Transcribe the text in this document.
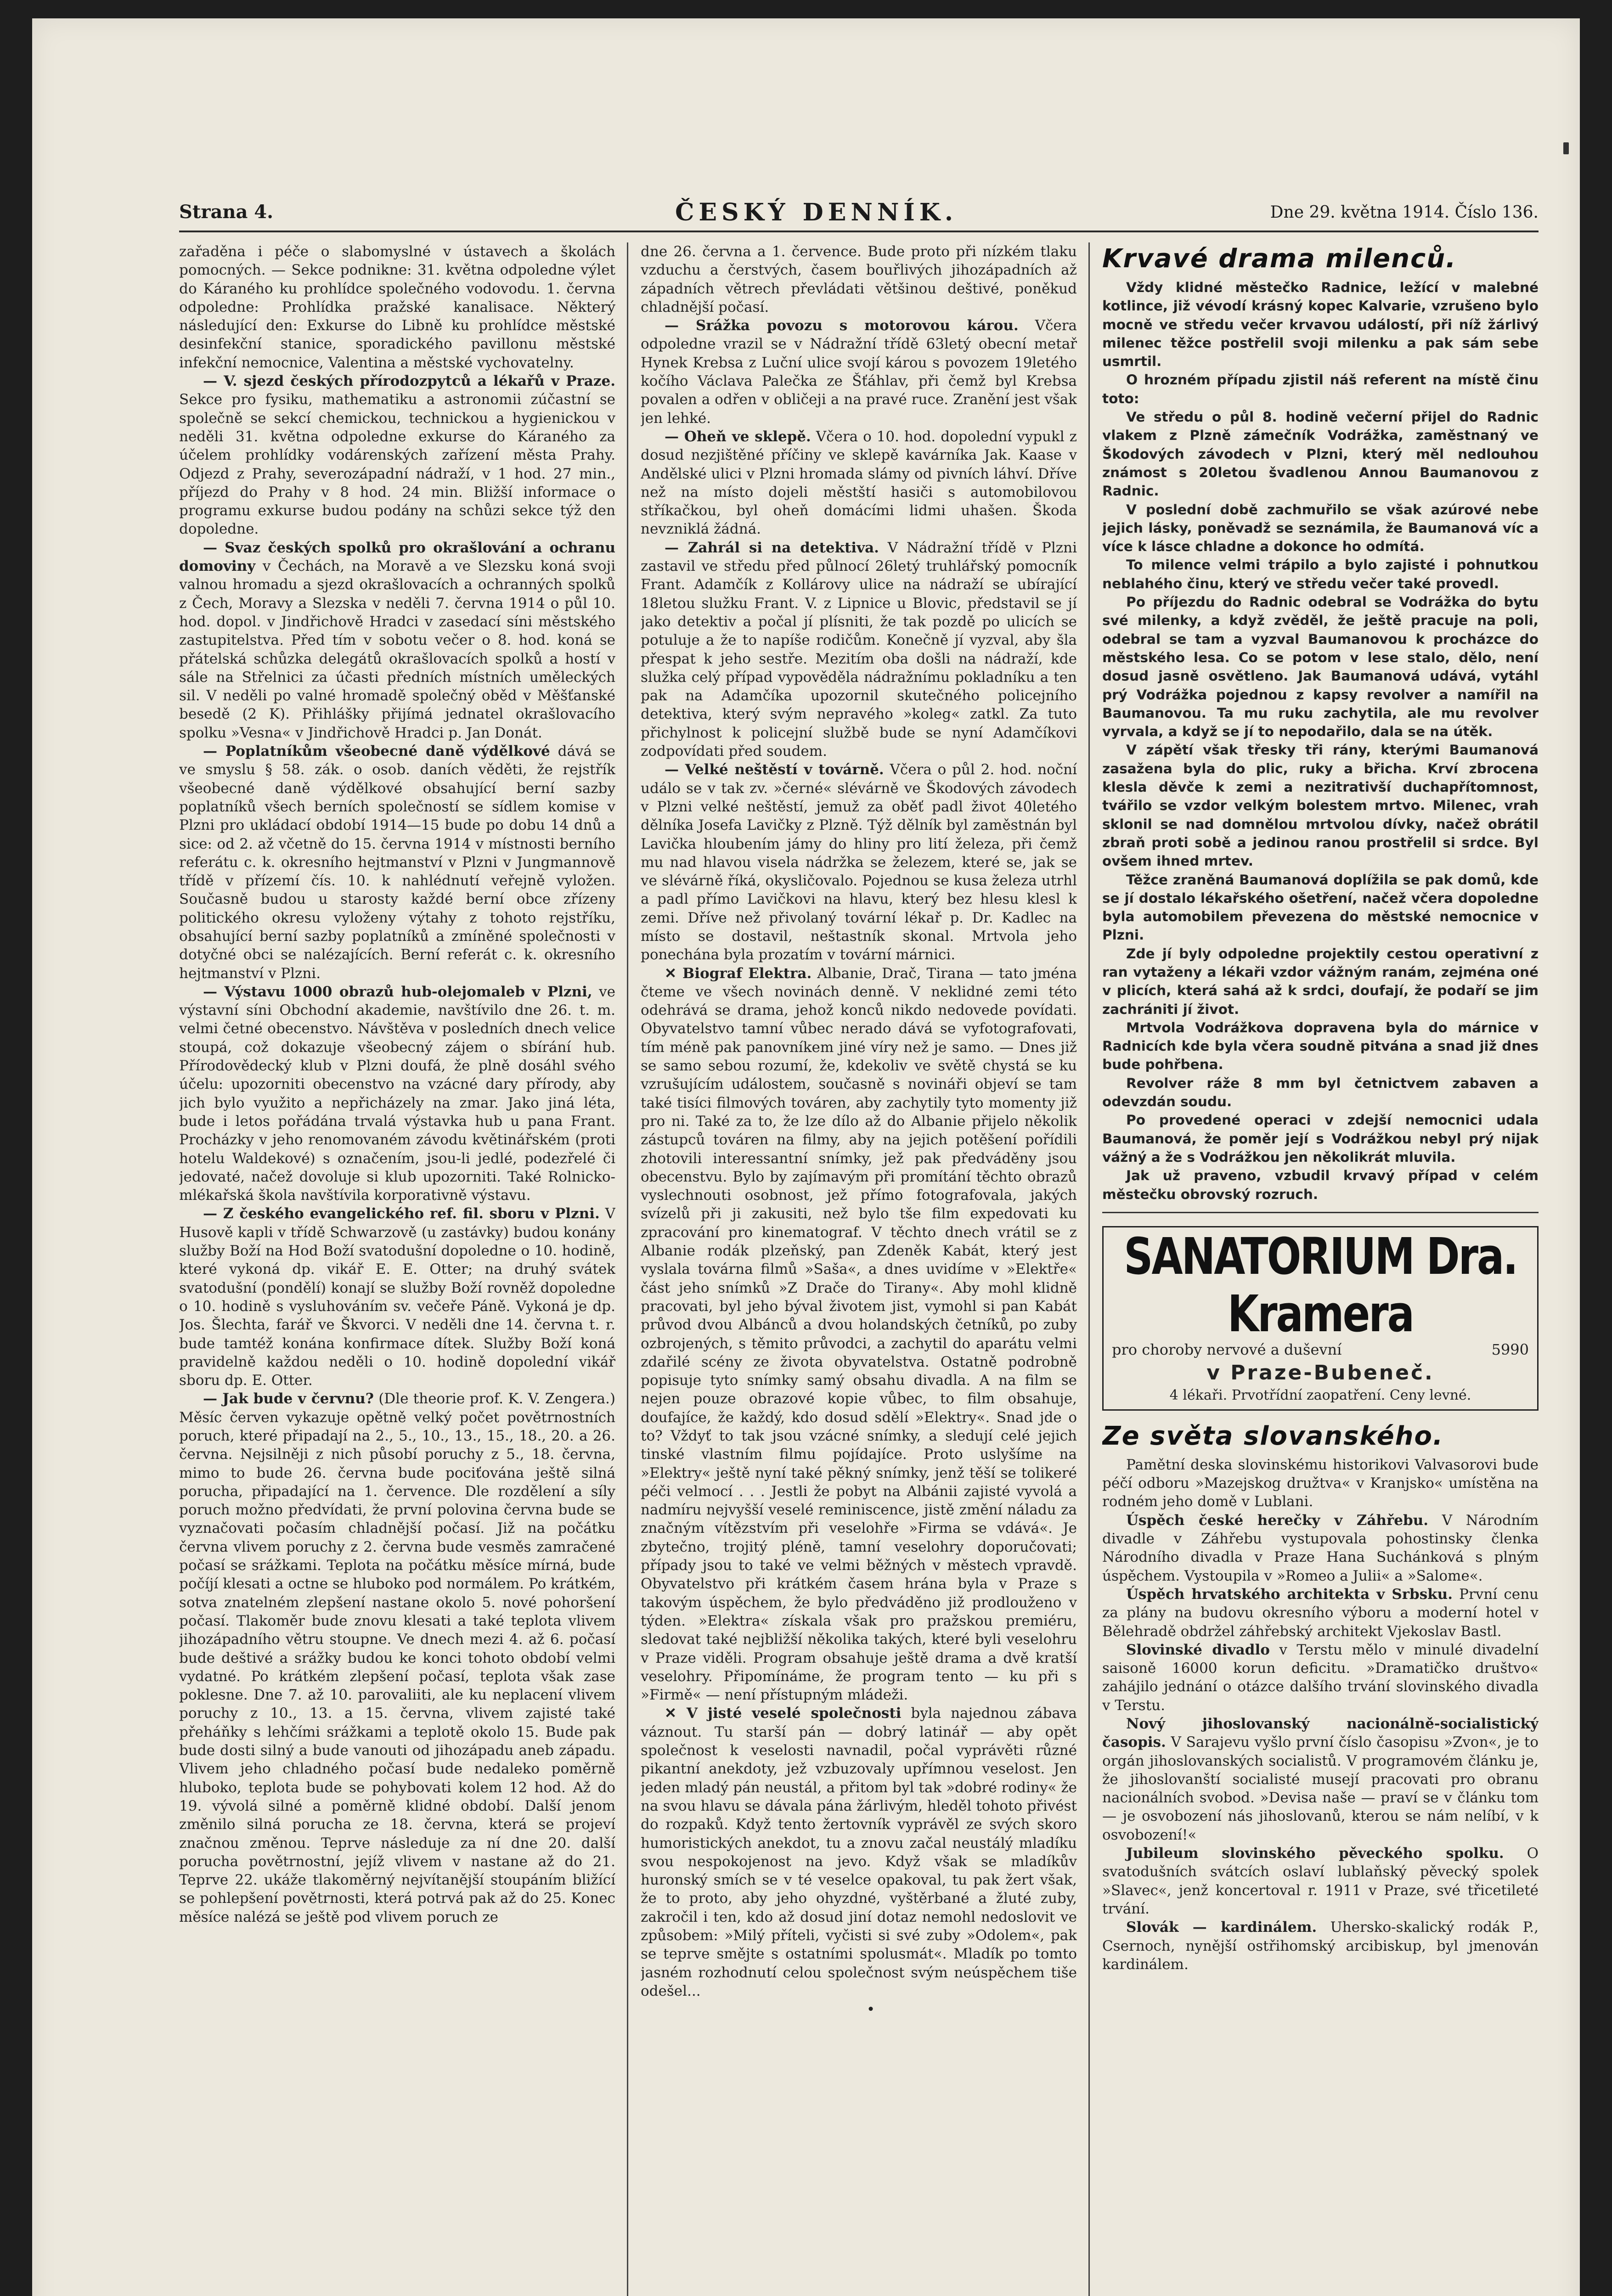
Strana 4.	ČESKÝ DENNÍK.	Dne 29. května 1914. Číslo 136.

zařaděna i péče o slabomyslné v ústavech a školách pomocných. — Sekce podnikne: 31. května odpoledne výlet do Káraného ku prohlídce společného vodovodu. 1. června odpoledne: Prohlídka pražské kanalisace. Některý následující den: Exkurse do Libně ku prohlídce městské desinfekční stanice, sporadického pavillonu městské infekční nemocnice, Valentina a městské vychovatelny.

— V. sjezd českých přírodozpytců a lékařů v Praze. Sekce pro fysiku, mathematiku a astronomii zúčastní se společně se sekcí chemickou, technickou a hygienickou v neděli 31. května odpoledne exkurse do Káraného za účelem prohlídky vodárenských zařízení města Prahy. Odjezd z Prahy, severozápadní nádraží, v 1 hod. 27 min., příjezd do Prahy v 8 hod. 24 min. Bližší informace o programu exkurse budou podány na schůzi sekce týž den dopoledne.

— Svaz českých spolků pro okrašlování a ochranu domoviny v Čechách, na Moravě a ve Slezsku koná svoji valnou hromadu a sjezd okrašlovacích a ochranných spolků z Čech, Moravy a Slezska v neděli 7. června 1914 o půl 10. hod. dopol. v Jindřichově Hradci v zasedací síni městského zastupitelstva. Před tím v sobotu večer o 8. hod. koná se přátelská schůzka delegátů okrašlovacích spolků a hostí v sále na Střelnici za účasti předních místních uměleckých sil. V neděli po valné hromadě společný oběd v Měšťanské besedě (2 K). Přihlášky přijímá jednatel okrašlovacího spolku »Vesna« v Jindřichově Hradci p. Jan Donát.

— Poplatníkům všeobecné daně výdělkové dává se ve smyslu § 58. zák. o osob. daních věděti, že rejstřík všeobecné daně výdělkové obsahující berní sazby poplatníků všech berních společností se sídlem komise v Plzni pro ukládací období 1914—15 bude po dobu 14 dnů a sice: od 2. až včetně do 15. června 1914 v místnosti berního referátu c. k. okresního hejtmanství v Plzni v Jungmannově třídě v přízemí čís. 10. k nahlédnutí veřejně vyložen. Současně budou u starosty každé berní obce zřízeny politického okresu vyloženy výtahy z tohoto rejstříku, obsahující berní sazby poplatníků a zmíněné společnosti v dotyčné obci se nalézajících. Berní referát c. k. okresního hejtmanství v Plzni.

— Výstavu 1000 obrazů hub-olejomaleb v Plzni, ve výstavní síni Obchodní akademie, navštívilo dne 26. t. m. velmi četné obecenstvo. Návštěva v posledních dnech velice stoupá, což dokazuje všeobecný zájem o sbírání hub. Přírodovědecký klub v Plzni doufá, že plně dosáhl svého účelu: upozorniti obecenstvo na vzácné dary přírody, aby jich bylo využito a nepřicházely na zmar. Jako jiná léta, bude i letos pořádána trvalá výstavka hub u pana Frant. Procházky v jeho renomovaném závodu květinářském (proti hotelu Waldekové) s označením, jsou-li jedlé, podezřelé či jedovaté, načež dovoluje si klub upozorniti. Také Rolnicko-mlékařská škola navštívila korporativně výstavu.

— Z českého evangelického ref. fil. sboru v Plzni. V Husově kapli v třídě Schwarzově (u zastávky) budou konány služby Boží na Hod Boží svatodušní dopoledne o 10. hodině, které vykoná dp. vikář E. E. Otter; na druhý svátek svatodušní (pondělí) konají se služby Boží rovněž dopoledne o 10. hodině s vysluhováním sv. večeře Páně. Vykoná je dp. Jos. Šlechta, farář ve Škvorci. V neděli dne 14. června t. r. bude tamtéž konána konfirmace dítek. Služby Boží koná pravidelně každou neděli o 10. hodině dopolední vikář sboru dp. E. Otter.

— Jak bude v červnu? (Dle theorie prof. K. V. Zengera.) Měsíc červen vykazuje opětně velký počet povětrnostních poruch, které připadají na 2., 5., 10., 13., 15., 18., 20. a 26. června. Nejsilněji z nich působí poruchy z 5., 18. června, mimo to bude 26. června bude pociťována ještě silná porucha, připadající na 1. července. Dle rozdělení a síly poruch možno předvídati, že první polovina června bude se vyznačovati počasím chladnější počasí. Již na počátku června vlivem poruchy z 2. června bude vesměs zamračené počasí se srážkami. Teplota na počátku měsíce mírná, bude počíjí klesati a octne se hluboko pod normálem. Po krátkém, sotva znatelném zlepšení nastane okolo 5. nové pohoršení počasí. Tlakoměr bude znovu klesati a také teplota vlivem jihozápadního větru stoupne. Ve dnech mezi 4. až 6. počasí bude deštivé a srážky budou ke konci tohoto období velmi vydatné. Po krátkém zlepšení počasí, teplota však zase poklesne. Dne 7. až 10. parovaliiti, ale ku neplacení vlivem poruchy z 10., 13. a 15. června, vlivem zajisté také přeháňky s lehčími srážkami a teplotě okolo 15. Bude pak bude dosti silný a bude vanouti od jihozápadu aneb západu. Vlivem jeho chladného počasí bude nedaleko poměrně hluboko, teplota bude se pohybovati kolem 12 hod. Až do 19. vývolá silné a poměrně klidné období. Další jenom změnilo silná porucha ze 18. června, která se projeví značnou změnou. Teprve následuje za ní dne 20. další porucha povětrnostní, jejíž vlivem v nastane až do 21. Teprve 22. ukáže tlakoměrný nejvítanější stoupáním bližící se pohlepšení povětrnosti, která potrvá pak až do 25. Konec měsíce nalézá se ještě pod vlivem poruch ze

dne 26. června a 1. července. Bude proto při nízkém tlaku vzduchu a čerstvých, časem bouřlivých jihozápadních až západních větrech převládati většinou deštivé, poněkud chladnější počasí.

— Srážka povozu s motorovou károu. Včera odpoledne vrazil se v Nádražní třídě 63letý obecní metař Hynek Krebsa z Luční ulice svojí károu s povozem 19letého kočího Václava Palečka ze Šťáhlav, při čemž byl Krebsa povalen a odřen v obličeji a na pravé ruce. Zranění jest však jen lehké.

— Oheň ve sklepě. Včera o 10. hod. dopolední vypukl z dosud nezjištěné příčiny ve sklepě kavárníka Jak. Kaase v Andělské ulici v Plzni hromada slámy od pivních láhví. Dříve než na místo dojeli městští hasiči s automobilovou stříkačkou, byl oheň domácími lidmi uhašen. Škoda nevzniklá žádná.

— Zahrál si na detektiva. V Nádražní třídě v Plzni zastavil ve středu před půlnocí 26letý truhlářský pomocník Frant. Adamčík z Kollárovy ulice na nádraží se ubírající 18letou služku Frant. V. z Lipnice u Blovic, představil se jí jako detektiv a počal jí plísniti, že tak pozdě po ulicích se potuluje a že to napíše rodičům. Konečně jí vyzval, aby šla přespat k jeho sestře. Mezitím oba došli na nádraží, kde služka celý případ vypověděla nádražnímu pokladníku a ten pak na Adamčíka upozornil skutečného policejního detektiva, který svým nepravého »koleg« zatkl. Za tuto přichylnost k policejní službě bude se nyní Adamčíkovi zodpovídati před soudem.

— Velké neštěstí v továrně. Včera o půl 2. hod. noční událo se v tak zv. »černé« slévárně ve Škodových závodech v Plzni velké neštěstí, jemuž za oběť padl život 40letého dělníka Josefa Lavičky z Plzně. Týž dělník byl zaměstnán byl Lavička hloubením jámy do hliny pro lití železa, při čemž mu nad hlavou visela nádržka se železem, které se, jak se ve slévárně říká, okysličovalo. Pojednou se kusa železa utrhl a padl přímo Lavičkovi na hlavu, který bez hlesu klesl k zemi. Dříve než přivolaný tovární lékař p. Dr. Kadlec na místo se dostavil, neštastník skonal. Mrtvola jeho ponechána byla prozatím v tovární márnici.

✕ Biograf Elektra. Albanie, Drač, Tirana — tato jména čteme ve všech novinách denně. V neklidné zemi této odehrává se drama, jehož konců nikdo nedovede povídati. Obyvatelstvo tamní vůbec nerado dává se vyfotografovati, tím méně pak panovníkem jiné víry než je samo. — Dnes již se samo sebou rozumí, že, kdekoliv ve světě chystá se ku vzrušujícím událostem, současně s novináři objeví se tam také tisíci filmových továren, aby zachytily tyto momenty již pro ni. Také za to, že lze dílo až do Albanie přijelo několik zástupců továren na filmy, aby na jejich potěšení pořídili zhotovili interessantní snímky, jež pak předváděny jsou obecenstvu. Bylo by zajímavým při promítání těchto obrazů vyslechnouti osobnost, jež přímo fotografovala, jakých svízelů při ji zakusiti, než bylo tše film expedovati ku zpracování pro kinematograf. V těchto dnech vrátil se z Albanie rodák plzeňský, pan Zdeněk Kabát, který jest vyslala továrna filmů »Saša«, a dnes uvidíme v »Elektře« část jeho snímků »Z Drače do Tirany«. Aby mohl klidně pracovati, byl jeho býval životem jist, vymohl si pan Kabát průvod dvou Albánců a dvou holandských četníků, po zuby ozbrojených, s těmito průvodci, a zachytil do aparátu velmi zdařilé scény ze života obyvatelstva. Ostatně podrobně popisuje tyto snímky samý obsahu divadla. A na film se nejen pouze obrazové kopie vůbec, to film obsahuje, doufajíce, že každý, kdo dosud sdělí »Elektry«. Snad jde o to? Vždyť to tak jsou vzácné snímky, a sledují celé jejich tinské vlastním filmu pojídajíce. Proto uslyšíme na »Elektry« ještě nyní také pěkný snímky, jenž těší se tolikeré péči velmocí . . . Jestli že pobyt na Albánii zajisté vyvolá a nadmíru nejvyšší veselé reminiscence, jistě změní náladu za značným vítězstvím při veselohře »Firma se vdává«. Je zbytečno, trojitý pléně, tamní veselohry doporučovati; případy jsou to také ve velmi běžných v městech vpravdě. Obyvatelstvo při krátkém časem hrána byla v Praze s takovým úspěchem, že bylo předváděno již prodlouženo v týden. »Elektra« získala však pro pražskou premiéru, sledovat také nejbližší několika takých, které byli veselohru v Praze viděli. Program obsahuje ještě drama a dvě kratší veselohry. Připomínáme, že program tento — ku při s »Firmě« — není přístupným mládeži.

✕ V jisté veselé společnosti byla najednou zábava váznout. Tu starší pán — dobrý latinář — aby opět společnost k veselosti navnadil, počal vyprávěti různé pikantní anekdoty, jež vzbuzovaly upřímnou veselost. Jen jeden mladý pán neustál, a přitom byl tak »dobré rodiny« že na svou hlavu se dávala pána žárlivým, hleděl tohoto přivést do rozpaků. Když tento žertovník vyprávěl ze svých skoro humoristických anekdot, tu a znovu začal neustálý mladíku svou nespokojenost na jevo. Když však se mladíkův huronský smích se v té veselce opakoval, tu pak žert však, že to proto, aby jeho ohyzdné, vyštěrbané a žluté zuby, zakročil i ten, kdo až dosud jiní dotaz nemohl nedoslovit ve způsobem: »Milý příteli, vyčisti si své zuby »Odolem«, pak se teprve smějte s ostatními spolusmát«. Mladík po tomto jasném rozhodnutí celou společnost svým neúspěchem tiše odešel...
•

Krvavé drama milenců.

Vždy klidné městečko Radnice, ležící v malebné kotlince, již vévodí krásný kopec Kalvarie, vzrušeno bylo mocně ve středu večer krvavou událostí, při níž žárlivý milenec těžce postřelil svoji milenku a pak sám sebe usmrtil.

O hrozném případu zjistil náš referent na místě činu toto:

Ve středu o půl 8. hodině večerní přijel do Radnic vlakem z Plzně zámečník Vodrážka, zaměstnaný ve Škodových závodech v Plzni, který měl nedlouhou známost s 20letou švadlenou Annou Baumanovou z Radnic.

V poslední době zachmuřilo se však azúrové nebe jejich lásky, poněvadž se seznámila, že Baumanová víc a více k lásce chladne a dokonce ho odmítá.

To milence velmi trápilo a bylo zajisté i pohnutkou neblahého činu, který ve středu večer také provedl.

Po příjezdu do Radnic odebral se Vodrážka do bytu své milenky, a když zvěděl, že ještě pracuje na poli, odebral se tam a vyzval Baumanovou k procházce do městského lesa. Co se potom v lese stalo, dělo, není dosud jasně osvětleno. Jak Baumanová udává, vytáhl prý Vodrážka pojednou z kapsy revolver a namířil na Baumanovou. Ta mu ruku zachytila, ale mu revolver vyrvala, a když se jí to nepodařilo, dala se na útěk.

V zápětí však třesky tři rány, kterými Baumanová zasažena byla do plic, ruky a břicha. Krví zbrocena klesla děvče k zemi a nezitrativší duchapřítomnost, tvářilo se vzdor velkým bolestem mrtvo. Milenec, vrah sklonil se nad domnělou mrtvolou dívky, načež obrátil zbraň proti sobě a jedinou ranou prostřelil si srdce. Byl ovšem ihned mrtev.

Těžce zraněná Baumanová doplížila se pak domů, kde se jí dostalo lékařského ošetření, načež včera dopoledne byla automobilem převezena do městské nemocnice v Plzni.

Zde jí byly odpoledne projektily cestou operativní z ran vytaženy a lékaři vzdor vážným ranám, zejména oné v plicích, která sahá až k srdci, doufají, že podaří se jim zachrániti jí život.

Mrtvola Vodrážkova dopravena byla do márnice v Radnicích kde byla včera soudně pitvána a snad již dnes bude pohřbena.

Revolver ráže 8 mm byl četnictvem zabaven a odevzdán soudu.

Po provedené operaci v zdejší nemocnici udala Baumanová, že poměr její s Vodrážkou nebyl prý nijak vážný a že s Vodrážkou jen několikrát mluvila.

Jak už praveno, vzbudil krvavý případ v celém městečku obrovský rozruch.

SANATORIUM Dra. Kramera
pro choroby nervové a duševní	5990
v Praze-Bubeneč.
4 lékaři. Prvotřídní zaopatření. Ceny levné.
Ze světa slovanského.

Pamětní deska slovinskému historikovi Valvasorovi bude péčí odboru »Mazejskog družtva« v Kranjsko« umístěna na rodném jeho domě v Lublani.

Úspěch české herečky v Záhřebu. V Národním divadle v Záhřebu vystupovala pohostinsky členka Národního divadla v Praze Hana Suchánková s plným úspěchem. Vystoupila v »Romeo a Julii« a »Salome«.

Úspěch hrvatského architekta v Srbsku. První cenu za plány na budovu okresního výboru a moderní hotel v Bělehradě obdržel záhřebský architekt Vjekoslav Bastl.

Slovinské divadlo v Terstu mělo v minulé divadelní saisoně 16000 korun deficitu. »Dramatičko društvo« zahájilo jednání o otázce dalšího trvání slovinského divadla v Terstu.

Nový jihoslovanský nacionálně-socialistický časopis. V Sarajevu vyšlo první číslo časopisu »Zvon«, je to orgán jihoslovanských socialistů. V programovém článku je, že jihoslovanští socialisté musejí pracovati pro obranu nacionálních svobod. »Devisa naše — praví se v článku tom — je osvobození nás jihoslovanů, kterou se nám nelíbí, v k osvobození!«

Jubileum slovinského pěveckého spolku. O svatodušních svátcích oslaví lublaňský pěvecký spolek »Slavec«, jenž koncertoval r. 1911 v Praze, své třicetileté trvání.

Slovák — kardinálem. Uhersko-skalický rodák P., Csernoch, nynější ostřihomský arcibiskup, byl jmenován kardinálem.
